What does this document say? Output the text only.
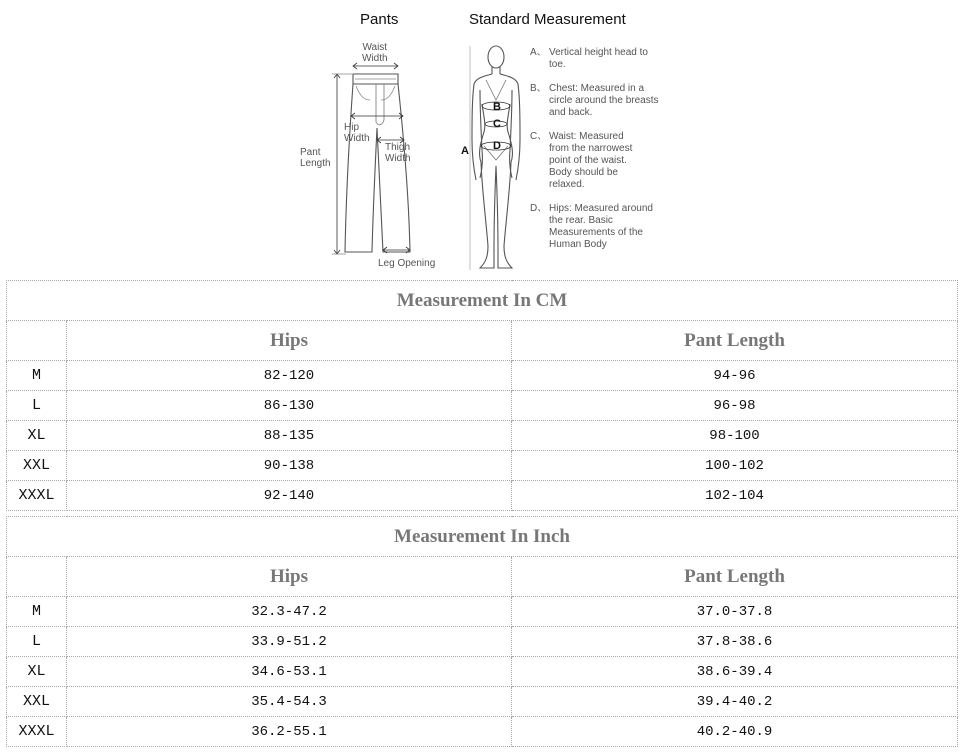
Pants	Standard Measurement
Waist
Width
Hip
Width
Thigh
Width
Pant
Length
Leg Opening
A
B
C
D
A、 Vertical height head to toe.
B、 Chest: Measured in a circle around the breasts and back.
C、 Waist: Measured from the narrowest point of the waist. Body should be relaxed.
D、 Hips: Measured around the rear. Basic Measurements of the Human Body
Measurement In CM		
	Hips	Pant Length
M	82-120	94-96
L	86-130	96-98
XL	88-135	98-100
XXL	90-138	100-102
XXXL	92-140	102-104
Measurement In Inch		
	Hips	Pant Length
M	32.3-47.2	37.0-37.8
L	33.9-51.2	37.8-38.6
XL	34.6-53.1	38.6-39.4
XXL	35.4-54.3	39.4-40.2
XXXL	36.2-55.1	40.2-40.9
